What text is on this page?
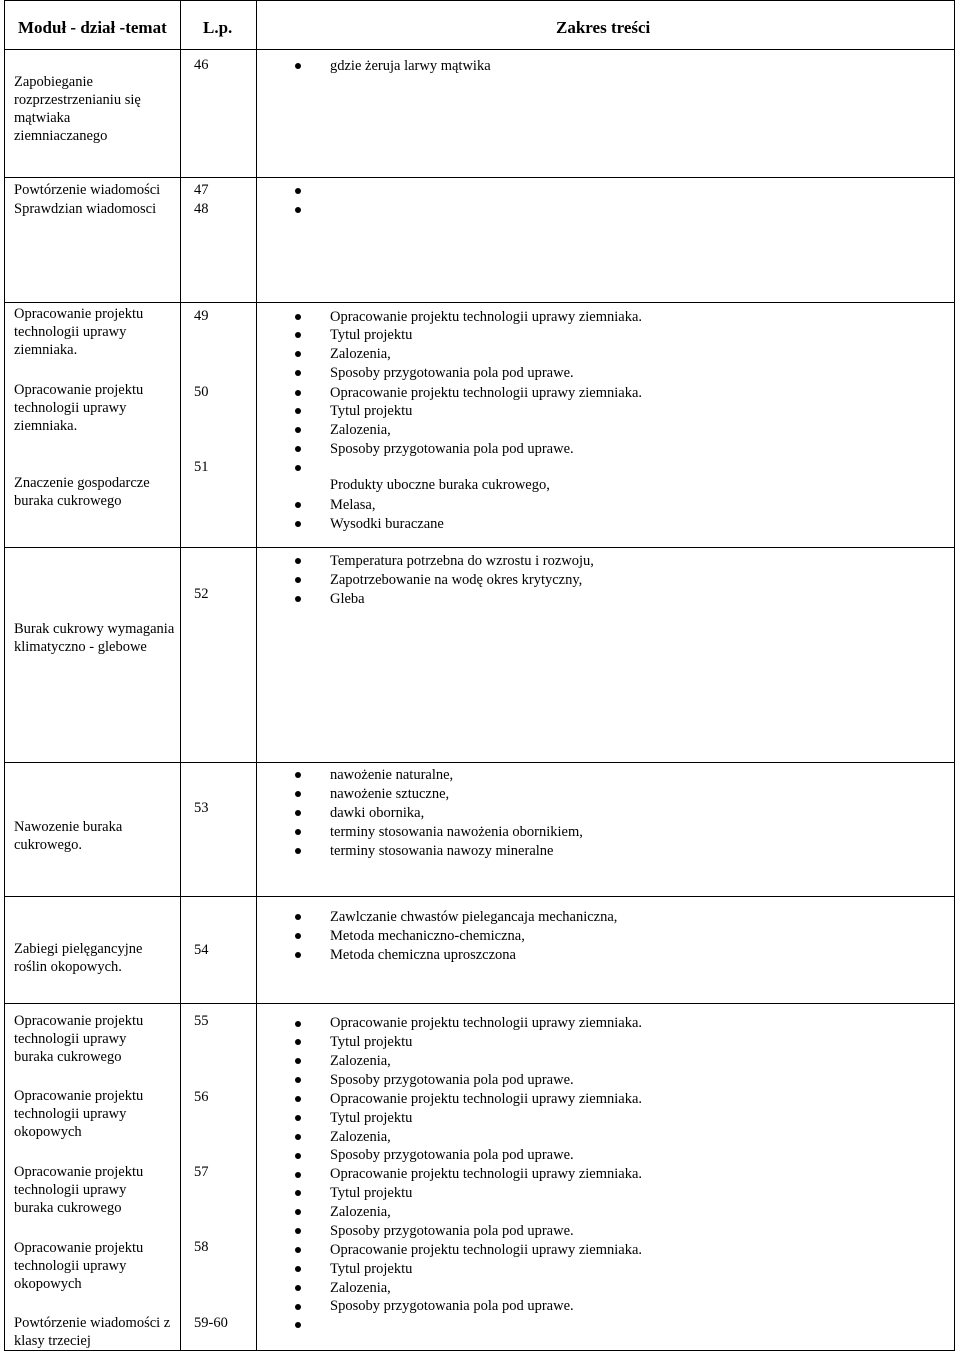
Moduł - dział -temat L.p.	Zakres treści
Zapobieganie rozprzestrzenianiu się mątwiaka ziemniaczanego
Powtórzenie wiadomości
Sprawdzian wiadomosci
Opracowanie projektu technologii uprawy ziemniaka.
Opracowanie projektu technologii uprawy ziemniaka.
Znaczenie gospodarcze buraka cukrowego
Burak cukrowy wymagania klimatyczno - glebowe
Nawozenie buraka cukrowego.
Zabiegi pielęgancyjne roślin okopowych.
Opracowanie projektu technologii uprawy buraka cukrowego
Opracowanie projektu technologii uprawy okopowych
Opracowanie projektu technologii uprawy buraka cukrowego
Opracowanie projektu technologii uprawy okopowych
Powtórzenie wiadomości z klasy trzeciej
46
47
48
49
50
51
52
53
54
55
56
57
58
59-60
gdzie żeruja larwy mątwika
Opracowanie projektu technologii uprawy ziemniaka.
Tytul projektu
Zalozenia,
Sposoby przygotowania pola pod uprawe.
Opracowanie projektu technologii uprawy ziemniaka.
Tytul projektu
Zalozenia,
Sposoby przygotowania pola pod uprawe.
Produkty uboczne buraka cukrowego,
Melasa,
Wysodki buraczane
Temperatura potrzebna do wzrostu i rozwoju,
Zapotrzebowanie na wodę okres krytyczny,
Gleba
nawożenie naturalne,
nawożenie sztuczne,
dawki obornika,
terminy stosowania nawożenia obornikiem,
terminy stosowania nawozy mineralne
Zawlczanie chwastów pielegancaja mechaniczna,
Metoda mechaniczno-chemiczna,
Metoda chemiczna uproszczona
Opracowanie projektu technologii uprawy ziemniaka.
Tytul projektu
Zalozenia,
Sposoby przygotowania pola pod uprawe.
Opracowanie projektu technologii uprawy ziemniaka.
Tytul projektu
Zalozenia,
Sposoby przygotowania pola pod uprawe.
Opracowanie projektu technologii uprawy ziemniaka.
Tytul projektu
Zalozenia,
Sposoby przygotowania pola pod uprawe.
Opracowanie projektu technologii uprawy ziemniaka.
Tytul projektu
Zalozenia,
Sposoby przygotowania pola pod uprawe.
